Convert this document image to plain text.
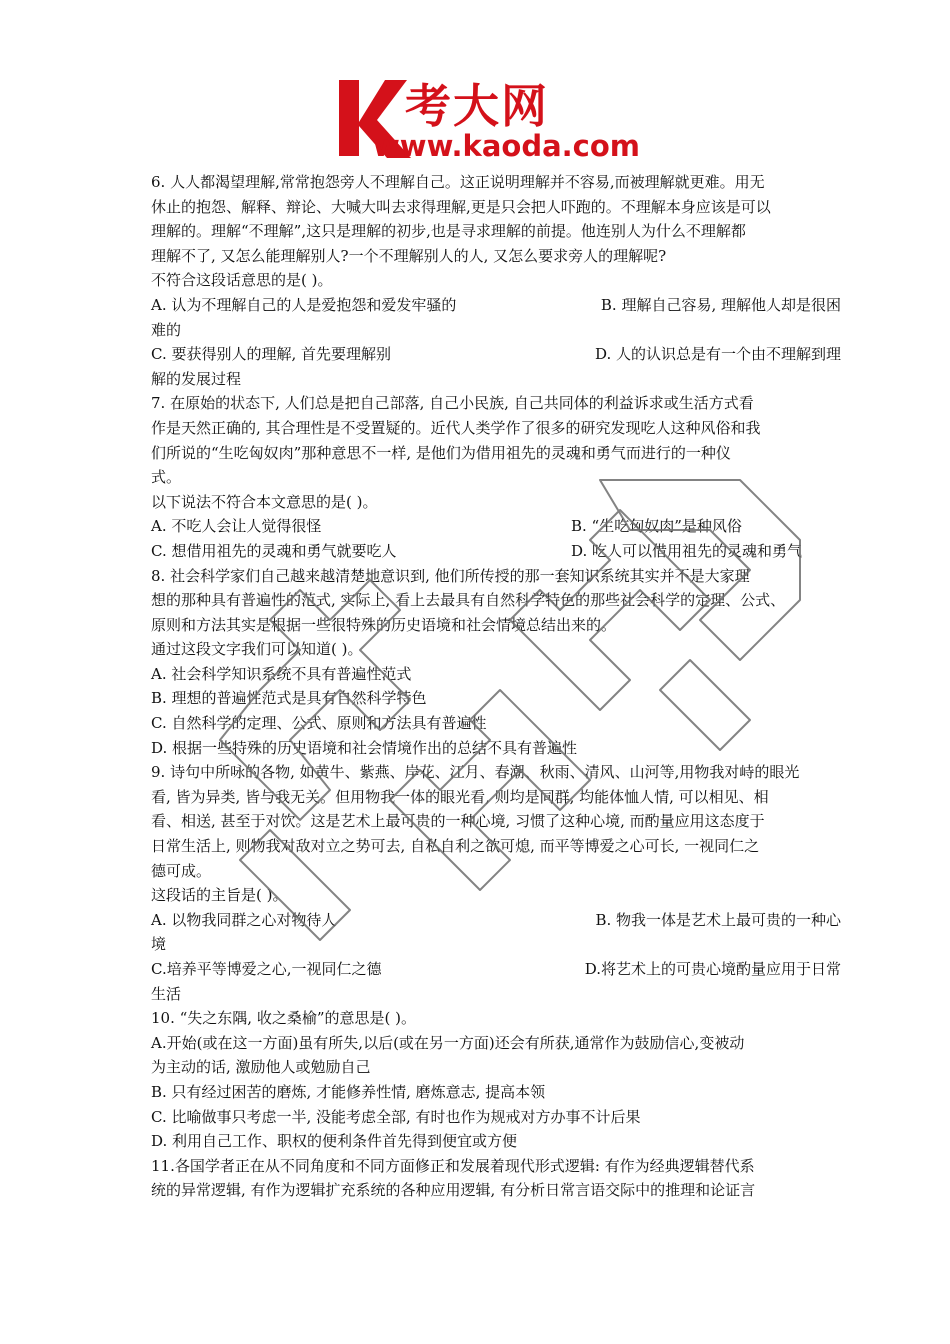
考大网
www.kaoda.com

6. 人人都渴望理解,常常抱怨旁人不理解自己。这正说明理解并不容易,而被理解就更难。用无

休止的抱怨、解释、辩论、大喊大叫去求得理解,更是只会把人吓跑的。不理解本身应该是可以

理解的。理解“不理解”,这只是理解的初步,也是寻求理解的前提。他连别人为什么不理解都

理解不了, 又怎么能理解别人?一个不理解别人的人, 又怎么要求旁人的理解呢?

不符合这段话意思的是( )。

A. 认为不理解自己的人是爱抱怨和爱发牢骚的	B. 理解自己容易, 理解他人却是很困

难的

C. 要获得别人的理解, 首先要理解别	D. 人的认识总是有一个由不理解到理

解的发展过程

7. 在原始的状态下, 人们总是把自己部落, 自己小民族, 自己共同体的利益诉求或生活方式看

作是天然正确的, 其合理性是不受置疑的。近代人类学作了很多的研究发现吃人这种风俗和我

们所说的“生吃匈奴肉”那种意思不一样, 是他们为借用祖先的灵魂和勇气而进行的一种仪

式。

以下说法不符合本文意思的是( )。

A. 不吃人会让人觉得很怪	B. “生吃匈奴肉”是种风俗
C. 想借用祖先的灵魂和勇气就要吃人	D. 吃人可以借用祖先的灵魂和勇气

8. 社会科学家们自己越来越清楚地意识到, 他们所传授的那一套知识系统其实并不是大家理

想的那种具有普遍性的范式, 实际上, 看上去最具有自然科学特色的那些社会科学的定理、公式、

原则和方法其实是根据一些很特殊的历史语境和社会情境总结出来的。

通过这段文字我们可以知道( )。

A. 社会科学知识系统不具有普遍性范式

B. 理想的普遍性范式是具有自然科学特色

C. 自然科学的定理、公式、原则和方法具有普遍性

D. 根据一些特殊的历史语境和社会情境作出的总结不具有普遍性

9. 诗句中所咏的各物, 如黄牛、紫燕、岸花、江月、春潮、秋雨、清风、山河等,用物我对峙的眼光

看, 皆为异类, 皆与我无关。但用物我一体的眼光看, 则均是同群, 均能体恤人情, 可以相见、相

看、相送, 甚至于对饮。这是艺术上最可贵的一种心境, 习惯了这种心境, 而酌量应用这态度于

日常生活上, 则物我对敌对立之势可去, 自私自利之欲可熄, 而平等博爱之心可长, 一视同仁之

德可成。

这段话的主旨是( )。

A. 以物我同群之心对物待人	B. 物我一体是艺术上最可贵的一种心

境

C.培养平等博爱之心,一视同仁之德	D.将艺术上的可贵心境酌量应用于日常

生活

10. “失之东隅, 收之桑榆”的意思是( )。

A.开始(或在这一方面)虽有所失,以后(或在另一方面)还会有所获,通常作为鼓励信心,变被动

为主动的话, 激励他人或勉励自己

B. 只有经过困苦的磨炼, 才能修养性情, 磨炼意志, 提高本领

C. 比喻做事只考虑一半, 没能考虑全部, 有时也作为规戒对方办事不计后果

D. 利用自己工作、职权的便利条件首先得到便宜或方便

11.各国学者正在从不同角度和不同方面修正和发展着现代形式逻辑: 有作为经典逻辑替代系

统的异常逻辑, 有作为逻辑扩充系统的各种应用逻辑, 有分析日常言语交际中的推理和论证言
